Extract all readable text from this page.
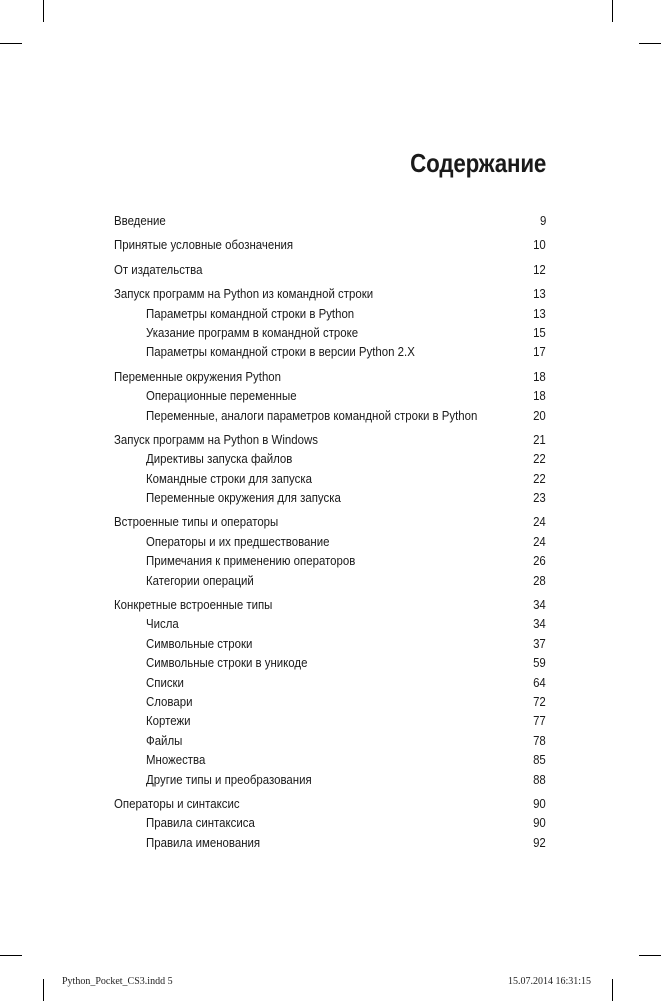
Содержание
Введение	9
Принятые условные обозначения	10
От издательства	12
Запуск программ на Python из командной строки	13
Параметры командной строки в Python	13
Указание программ в командной строке	15
Параметры командной строки в версии Python 2.X	17
Переменные окружения Python	18
Операционные переменные	18
Переменные, аналоги параметров командной строки в Python	20
Запуск программ на Python в Windows	21
Директивы запуска файлов	22
Командные строки для запуска	22
Переменные окружения для запуска	23
Встроенные типы и операторы	24
Операторы и их предшествование	24
Примечания к применению операторов	26
Категории операций	28
Конкретные встроенные типы	34
Числа	34
Символьные строки	37
Символьные строки в уникоде	59
Списки	64
Словари	72
Кортежи	77
Файлы	78
Множества	85
Другие типы и преобразования	88
Операторы и синтаксис	90
Правила синтаксиса	90
Правила именования	92
Python_Pocket_CS3.indd 5	15.07.2014 16:31:15
